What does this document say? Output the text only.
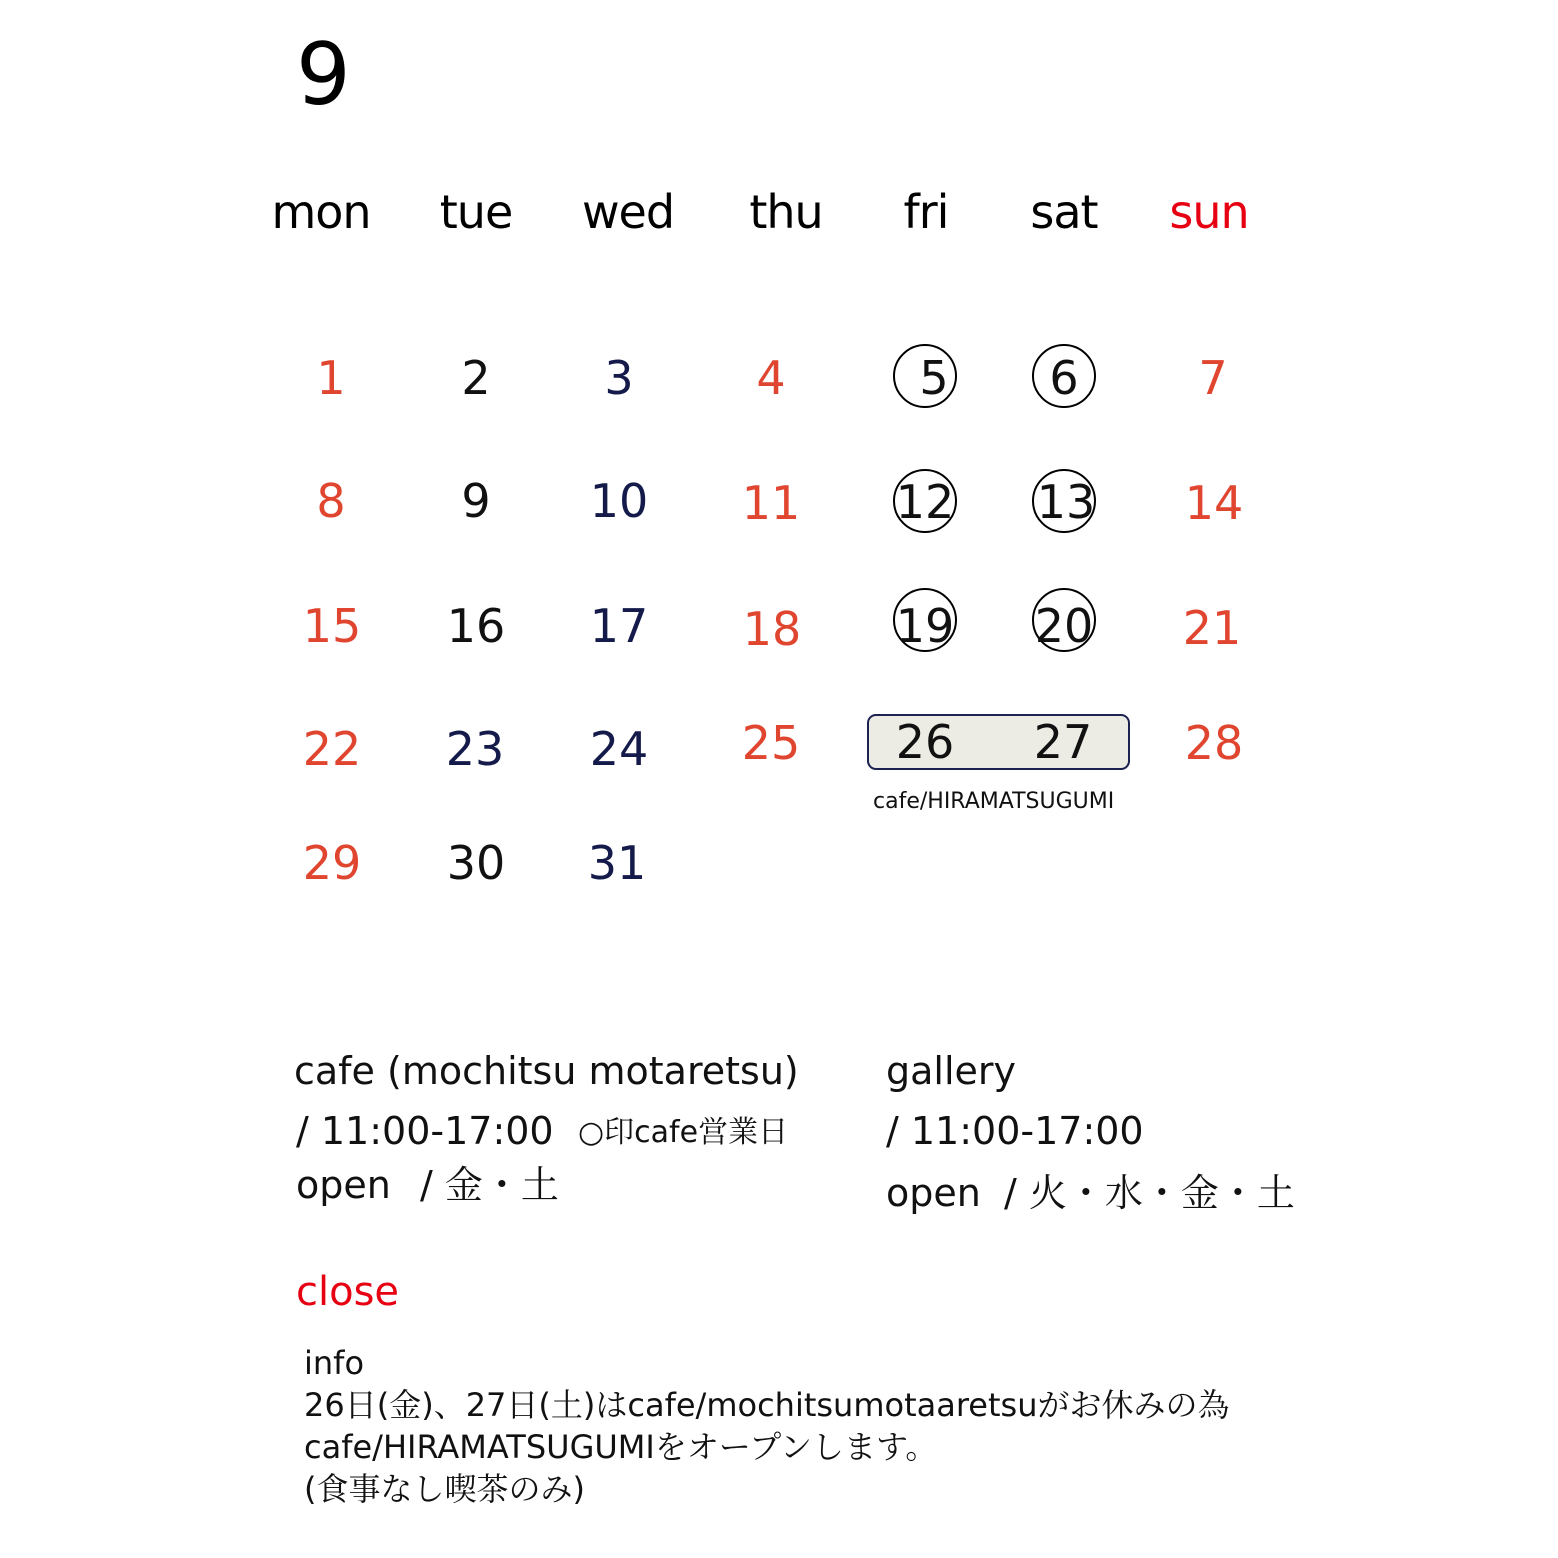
9
mon	tue	wed	thu	fri	sat	sun
1	2	3	4	5	6	7
8	9	10	11	12	13	14
15	16	17	18	19	20	21
22	23	24	25	26	27	28
29	30	31
cafe/HIRAMATSUGUMI
cafe (mochitsu motaretsu)
/ 11:00-17:00 ○印cafe営業日
open / 金・土
gallery
/ 11:00-17:00
open / 火・水・金・土
close
info
26日(金)、27日(土)はcafe/mochitsumotaaretsuがお休みの為
cafe/HIRAMATSUGUMIをオープンします。
(食事なし喫茶のみ)
